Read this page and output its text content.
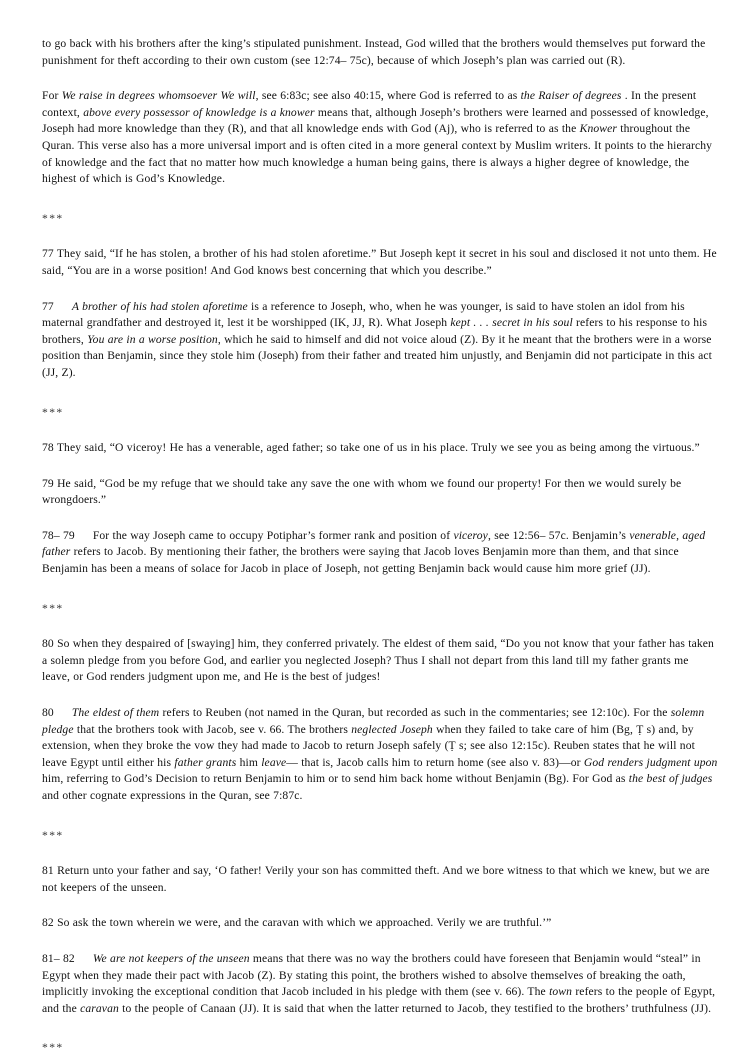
to go back with his brothers after the king’s stipulated punishment. Instead, God willed that the brothers would themselves put forward the punishment for theft according to their own custom (see 12:74– 75c), because of which Joseph’s plan was carried out (R).

For We raise in degrees whomsoever We will, see 6:83c; see also 40:15, where God is referred to as the Raiser of degrees . In the present context, above every possessor of knowledge is a knower means that, although Joseph’s brothers were learned and possessed of knowledge, Joseph had more knowledge than they (R), and that all knowledge ends with God (Aj), who is referred to as the Knower throughout the Quran. This verse also has a more universal import and is often cited in a more general context by Muslim writers. It points to the hierarchy of knowledge and the fact that no matter how much knowledge a human being gains, there is always a higher degree of knowledge, the highest of which is God’s Knowledge.

***

77 They said, “If he has stolen, a brother of his had stolen aforetime.” But Joseph kept it secret in his soul and disclosed it not unto them. He said, “You are in a worse position! And God knows best concerning that which you describe.”

77 A brother of his had stolen aforetime is a reference to Joseph, who, when he was younger, is said to have stolen an idol from his maternal grandfather and destroyed it, lest it be worshipped (IK, JJ, R). What Joseph kept . . . secret in his soul refers to his response to his brothers, You are in a worse position, which he said to himself and did not voice aloud (Z). By it he meant that the brothers were in a worse position than Benjamin, since they stole him (Joseph) from their father and treated him unjustly, and Benjamin did not participate in this act (JJ, Z).

***

78 They said, “O viceroy! He has a venerable, aged father; so take one of us in his place. Truly we see you as being among the virtuous.”

79 He said, “God be my refuge that we should take any save the one with whom we found our property! For then we would surely be wrongdoers.”

78– 79 For the way Joseph came to occupy Potiphar’s former rank and position of viceroy, see 12:56– 57c. Benjamin’s venerable, aged father refers to Jacob. By mentioning their father, the brothers were saying that Jacob loves Benjamin more than them, and that since Benjamin has been a means of solace for Jacob in place of Joseph, not getting Benjamin back would cause him more grief (JJ).

***

80 So when they despaired of [swaying] him, they conferred privately. The eldest of them said, “Do you not know that your father has taken a solemn pledge from you before God, and earlier you neglected Joseph? Thus I shall not depart from this land till my father grants me leave, or God renders judgment upon me, and He is the best of judges!

80 The eldest of them refers to Reuben (not named in the Quran, but recorded as such in the commentaries; see 12:10c). For the solemn pledge that the brothers took with Jacob, see v. 66. The brothers neglected Joseph when they failed to take care of him (Bg, Ṭ s) and, by extension, when they broke the vow they had made to Jacob to return Joseph safely (Ṭ s; see also 12:15c). Reuben states that he will not leave Egypt until either his father grants him leave— that is, Jacob calls him to return home (see also v. 83)—or God renders judgment upon him, referring to God’s Decision to return Benjamin to him or to send him back home without Benjamin (Bg). For God as the best of judges and other cognate expressions in the Quran, see 7:87c.

***

81 Return unto your father and say, ‘O father! Verily your son has committed theft. And we bore witness to that which we knew, but we are not keepers of the unseen.

82 So ask the town wherein we were, and the caravan with which we approached. Verily we are truthful.’”

81– 82 We are not keepers of the unseen means that there was no way the brothers could have foreseen that Benjamin would “steal” in Egypt when they made their pact with Jacob (Z). By stating this point, the brothers wished to absolve themselves of breaking the oath, implicitly invoking the exceptional condition that Jacob included in his pledge with them (see v. 66). The town refers to the people of Egypt, and the caravan to the people of Canaan (JJ). It is said that when the latter returned to Jacob, they testified to the brothers’ truthfulness (JJ).

***
